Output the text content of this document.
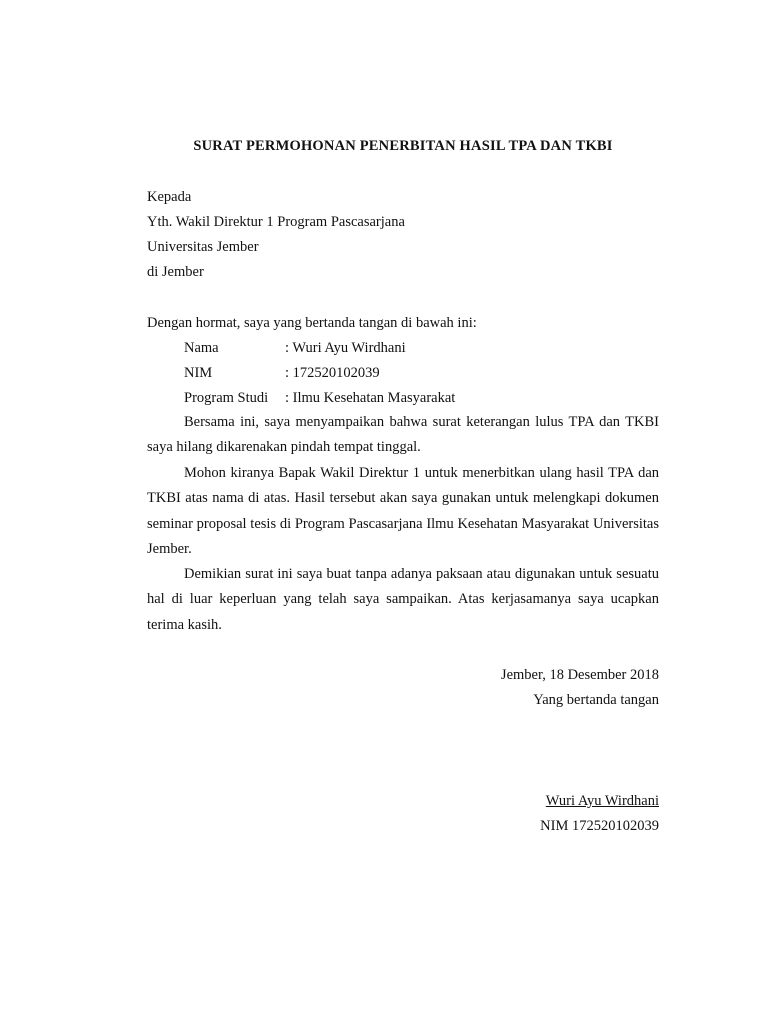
SURAT PERMOHONAN PENERBITAN HASIL TPA DAN TKBI
Kepada
Yth. Wakil Direktur 1 Program Pascasarjana
Universitas Jember
di Jember
Dengan hormat, saya yang bertanda tangan di bawah ini:
Nama	: Wuri Ayu Wirdhani
NIM	: 172520102039
Program Studi : Ilmu Kesehatan Masyarakat
Bersama ini, saya menyampaikan bahwa surat keterangan lulus TPA dan TKBI saya hilang dikarenakan pindah tempat tinggal.
Mohon kiranya Bapak Wakil Direktur 1 untuk menerbitkan ulang hasil TPA dan TKBI atas nama di atas. Hasil tersebut akan saya gunakan untuk melengkapi dokumen seminar proposal tesis di Program Pascasarjana Ilmu Kesehatan Masyarakat Universitas Jember.
Demikian surat ini saya buat tanpa adanya paksaan atau digunakan untuk sesuatu hal di luar keperluan yang telah saya sampaikan. Atas kerjasamanya saya ucapkan terima kasih.
Jember, 18 Desember 2018
Yang bertanda tangan
Wuri Ayu Wirdhani
NIM 172520102039
